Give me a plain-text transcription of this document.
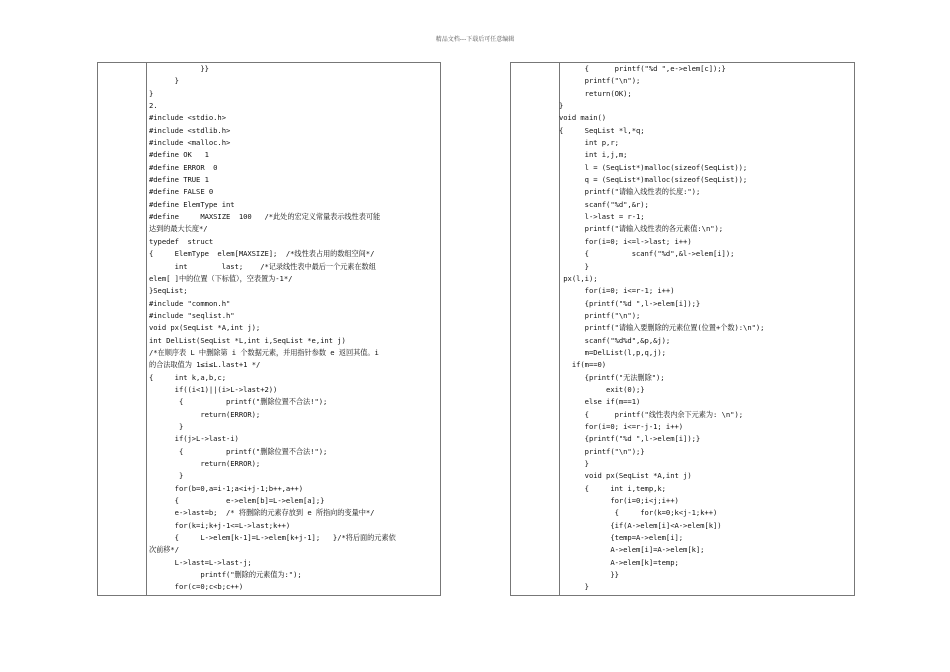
精品文档---下载后可任意编辑
}}
}
}
2.
#include <stdio.h>
#include <stdlib.h>
#include <malloc.h>
#define OK   1
#define ERROR  0
#define TRUE 1
#define FALSE 0
#define ElemType int
#define     MAXSIZE  100   /*此处的宏定义常量表示线性表可能
达到的最大长度*/
typedef  struct
{     ElemType  elem[MAXSIZE];  /*线性表占用的数组空间*/
int        last;    /*记录线性表中最后一个元素在数组
elem[ ]中的位置（下标值），空表置为-1*/
}SeqList;
#include "common.h"
#include "seqlist.h"
void px(SeqList *A,int j);
int DelList(SeqList *L,int i,SeqList *e,int j)
/*在顺序表 L 中删除第 i 个数据元素，并用指针参数 e 返回其值。i
的合法取值为 1≤i≤L.last+1 */
{     int k,a,b,c;
if((i<1)||(i>L->last+2))
{          printf("删除位置不合法!");
return(ERROR);
}
if(j>L->last-i)
{          printf("删除位置不合法!");
return(ERROR);
}
for(b=0,a=i-1;a<i+j-1;b++,a++)
{           e->elem[b]=L->elem[a];}
e->last=b;  /* 将删除的元素存放到 e 所指向的变量中*/
for(k=i;k+j-1<=L->last;k++)
{     L->elem[k-1]=L->elem[k+j-1];   }/*将后面的元素依
次前移*/
L->last=L->last-j;
printf("删除的元素值为:");
for(c=0;c<b;c++)
{      printf("%d ",e->elem[c]);}
printf("\n");
return(OK);
}
void main()
{     SeqList *l,*q;
int p,r;
int i,j,m;
l = (SeqList*)malloc(sizeof(SeqList));
q = (SeqList*)malloc(sizeof(SeqList));
printf("请输入线性表的长度:");
scanf("%d",&r);
l->last = r-1;
printf("请输入线性表的各元素值:\n");
for(i=0; i<=l->last; i++)
{          scanf("%d",&l->elem[i]);
}
px(l,i);
for(i=0; i<=r-1; i++)
{printf("%d ",l->elem[i]);}
printf("\n");
printf("请输入要删除的元素位置(位置+个数):\n");
scanf("%d%d",&p,&j);
m=DelList(l,p,q,j);
if(m==0)
{printf("无法删除");
exit(0);}
else if(m==1)
{      printf("线性表内余下元素为: \n");
for(i=0; i<=r-j-1; i++)
{printf("%d ",l->elem[i]);}
printf("\n");}
}
void px(SeqList *A,int j)
{     int i,temp,k;
for(i=0;i<j;i++)
{     for(k=0;k<j-1;k++)
{if(A->elem[i]<A->elem[k])
{temp=A->elem[i];
A->elem[i]=A->elem[k];
A->elem[k]=temp;
}}
}
